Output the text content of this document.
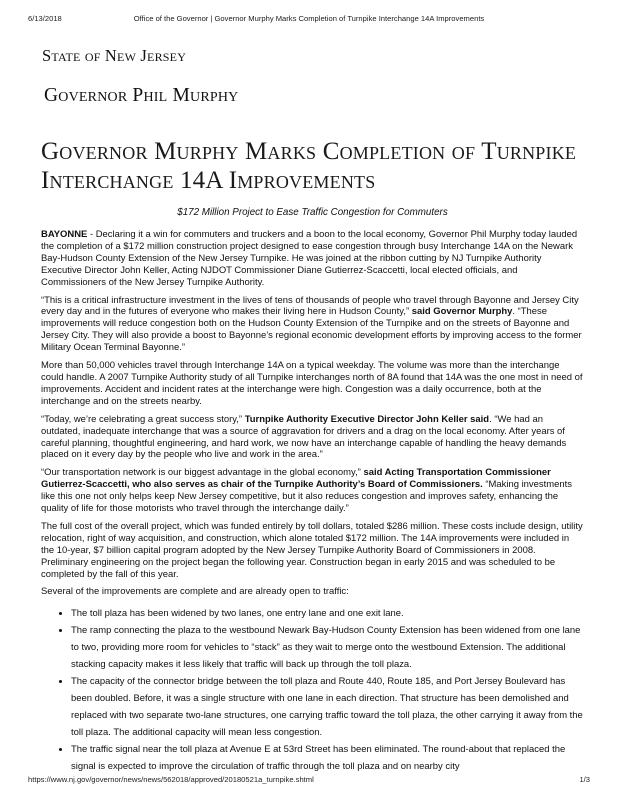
6/13/2018	Office of the Governor | Governor Murphy Marks Completion of Turnpike Interchange 14A Improvements
State of New Jersey
Governor Phil Murphy
Governor Murphy Marks Completion of Turnpike Interchange 14A Improvements
$172 Million Project to Ease Traffic Congestion for Commuters

BAYONNE - Declaring it a win for commuters and truckers and a boon to the local economy, Governor Phil Murphy today lauded the completion of a $172 million construction project designed to ease congestion through busy Interchange 14A on the Newark Bay-Hudson County Extension of the New Jersey Turnpike. He was joined at the ribbon cutting by NJ Turnpike Authority Executive Director John Keller, Acting NJDOT Commissioner Diane Gutierrez-Scaccetti, local elected officials, and Commissioners of the New Jersey Turnpike Authority.

“This is a critical infrastructure investment in the lives of tens of thousands of people who travel through Bayonne and Jersey City every day and in the futures of everyone who makes their living here in Hudson County,” said Governor Murphy. “These improvements will reduce congestion both on the Hudson County Extension of the Turnpike and on the streets of Bayonne and Jersey City. They will also provide a boost to Bayonne’s regional economic development efforts by improving access to the former Military Ocean Terminal Bayonne.”

More than 50,000 vehicles travel through Interchange 14A on a typical weekday. The volume was more than the interchange could handle. A 2007 Turnpike Authority study of all Turnpike interchanges north of 8A found that 14A was the one most in need of improvements. Accident and incident rates at the interchange were high. Congestion was a daily occurrence, both at the interchange and on the streets nearby.

“Today, we’re celebrating a great success story,” Turnpike Authority Executive Director John Keller said. “We had an outdated, inadequate interchange that was a source of aggravation for drivers and a drag on the local economy. After years of careful planning, thoughtful engineering, and hard work, we now have an interchange capable of handling the heavy demands placed on it every day by the people who live and work in the area.”

“Our transportation network is our biggest advantage in the global economy,” said Acting Transportation Commissioner Gutierrez-Scaccetti, who also serves as chair of the Turnpike Authority’s Board of Commissioners. “Making investments like this one not only helps keep New Jersey competitive, but it also reduces congestion and improves safety, enhancing the quality of life for those motorists who travel through the interchange daily.”

The full cost of the overall project, which was funded entirely by toll dollars, totaled $286 million. These costs include design, utility relocation, right of way acquisition, and construction, which alone totaled $172 million. The 14A improvements were included in the 10-year, $7 billion capital program adopted by the New Jersey Turnpike Authority Board of Commissioners in 2008. Preliminary engineering on the project began the following year. Construction began in early 2015 and was scheduled to be completed by the fall of this year.

Several of the improvements are complete and are already open to traffic:

• The toll plaza has been widened by two lanes, one entry lane and one exit lane.
• The ramp connecting the plaza to the westbound Newark Bay-Hudson County Extension has been widened from one lane to two, providing more room for vehicles to “stack” as they wait to merge onto the westbound Extension. The additional stacking capacity makes it less likely that traffic will back up through the toll plaza.
• The capacity of the connector bridge between the toll plaza and Route 440, Route 185, and Port Jersey Boulevard has been doubled. Before, it was a single structure with one lane in each direction. That structure has been demolished and replaced with two separate two-lane structures, one carrying traffic toward the toll plaza, the other carrying it away from the toll plaza. The additional capacity will mean less congestion.
• The traffic signal near the toll plaza at Avenue E at 53rd Street has been eliminated. The round-about that replaced the signal is expected to improve the circulation of traffic through the toll plaza and on nearby city
https://www.nj.gov/governor/news/news/562018/approved/20180521a_turnpike.shtml	1/3
